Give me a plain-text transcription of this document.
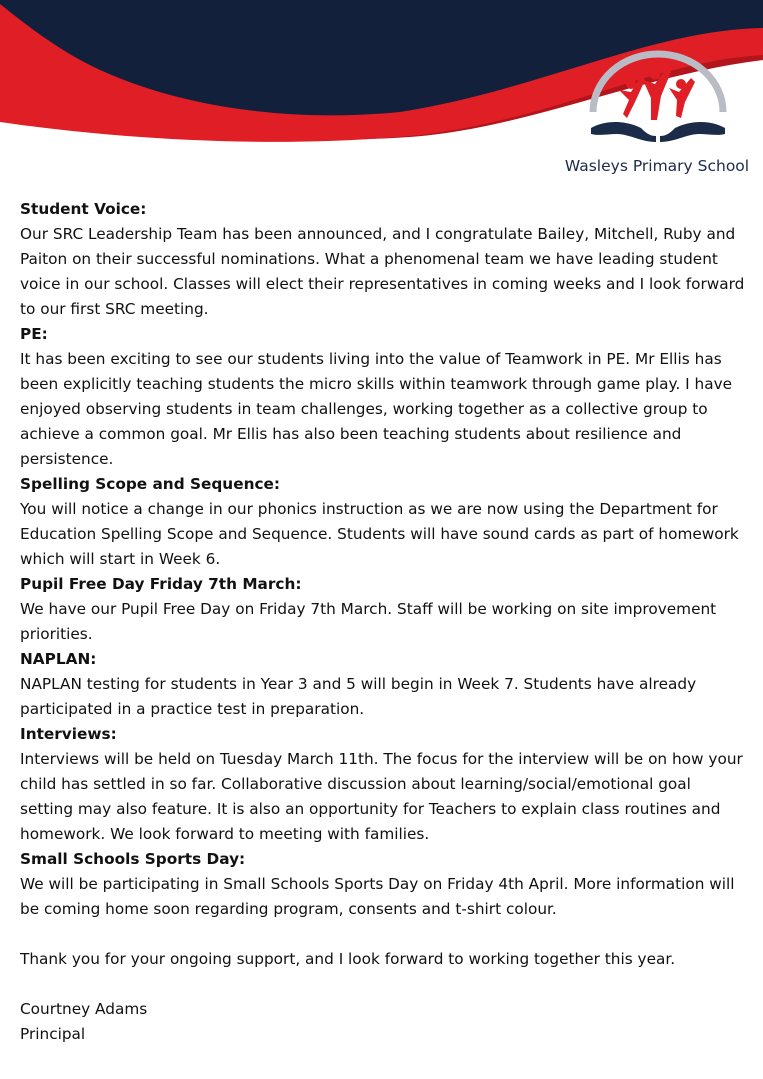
Wasleys Primary School

Student Voice:

Our SRC Leadership Team has been announced, and I congratulate Bailey, Mitchell, Ruby and Paiton on their successful nominations. What a phenomenal team we have leading student voice in our school. Classes will elect their representatives in coming weeks and I look forward to our first SRC meeting.

PE:

It has been exciting to see our students living into the value of Teamwork in PE. Mr Ellis has been explicitly teaching students the micro skills within teamwork through game play. I have enjoyed observing students in team challenges, working together as a collective group to achieve a common goal. Mr Ellis has also been teaching students about resilience and persistence.

Spelling Scope and Sequence:

You will notice a change in our phonics instruction as we are now using the Department for Education Spelling Scope and Sequence. Students will have sound cards as part of homework which will start in Week 6.

Pupil Free Day Friday 7th March:

We have our Pupil Free Day on Friday 7th March. Staff will be working on site improvement priorities.

NAPLAN:

NAPLAN testing for students in Year 3 and 5 will begin in Week 7. Students have already participated in a practice test in preparation.

Interviews:

Interviews will be held on Tuesday March 11th. The focus for the interview will be on how your child has settled in so far. Collaborative discussion about learning/social/emotional goal setting may also feature. It is also an opportunity for Teachers to explain class routines and homework. We look forward to meeting with families.

Small Schools Sports Day:

We will be participating in Small Schools Sports Day on Friday 4th April. More information will be coming home soon regarding program, consents and t-shirt colour.

Thank you for your ongoing support, and I look forward to working together this year.

Courtney Adams
Principal
